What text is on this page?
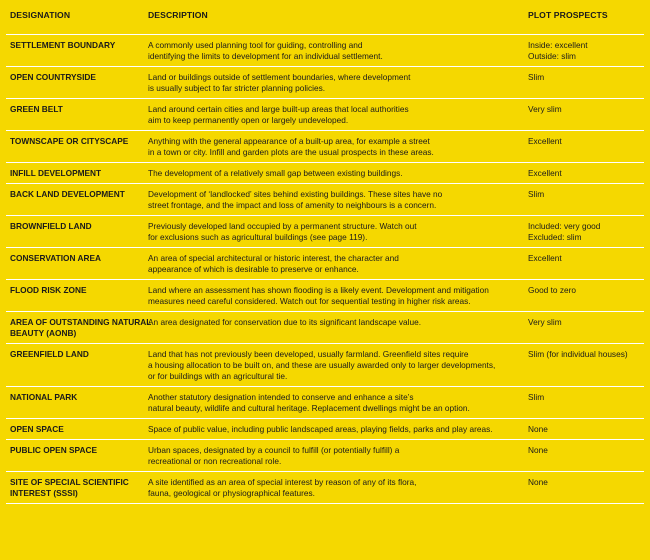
DESIGNATION	DESCRIPTION	PLOT PROSPECTS

SETTLEMENT BOUNDARY	A commonly used planning tool for guiding, controlling and
identifying the limits to development for an individual settlement.	Inside: excellent
Outside: slim

OPEN COUNTRYSIDE	Land or buildings outside of settlement boundaries, where development
is usually subject to far stricter planning policies.	Slim

GREEN BELT	Land around certain cities and large built-up areas that local authorities
aim to keep permanently open or largely undeveloped.	Very slim

TOWNSCAPE OR CITYSCAPE	Anything with the general appearance of a built-up area, for example a street
in a town or city. Infill and garden plots are the usual prospects in these areas.	Excellent

INFILL DEVELOPMENT	The development of a relatively small gap between existing buildings.	Excellent

BACK LAND DEVELOPMENT	Development of ‘landlocked’ sites behind existing buildings. These sites have no
street frontage, and the impact and loss of amenity to neighbours is a concern.	Slim

BROWNFIELD LAND	Previously developed land occupied by a permanent structure. Watch out
for exclusions such as agricultural buildings (see page 119).	Included: very good
Excluded: slim

CONSERVATION AREA	An area of special architectural or historic interest, the character and
appearance of which is desirable to preserve or enhance.	Excellent

FLOOD RISK ZONE	Land where an assessment has shown flooding is a likely event. Development and mitigation
measures need careful considered. Watch out for sequential testing in higher risk areas.	Good to zero

AREA OF OUTSTANDING NATURAL
BEAUTY (AONB)	An area designated for conservation due to its significant landscape value.	Very slim

GREENFIELD LAND	Land that has not previously been developed, usually farmland. Greenfield sites require
a housing allocation to be built on, and these are usually awarded only to larger developments,
or for buildings with an agricultural tie.	Slim (for individual houses)

NATIONAL PARK	Another statutory designation intended to conserve and enhance a site’s
natural beauty, wildlife and cultural heritage. Replacement dwellings might be an option.	Slim

OPEN SPACE	Space of public value, including public landscaped areas, playing fields, parks and play areas.	None

PUBLIC OPEN SPACE	Urban spaces, designated by a council to fulfill (or potentially fulfill) a
recreational or non recreational role.	None

SITE OF SPECIAL SCIENTIFIC
INTEREST (SSSI)	A site identified as an area of special interest by reason of any of its flora,
fauna, geological or physiographical features.	None
